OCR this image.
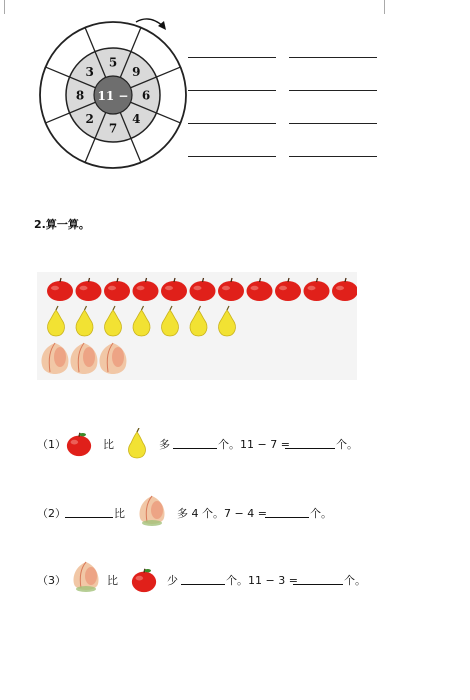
11 −
5
9
6
4
7
2
8
3
2.算一算。
（1）	比	多	个。11 − 7 =	个。
（2）	比	多 4 个。7 − 4 =	个。
（3）	比	少	个。11 − 3 =	个。
